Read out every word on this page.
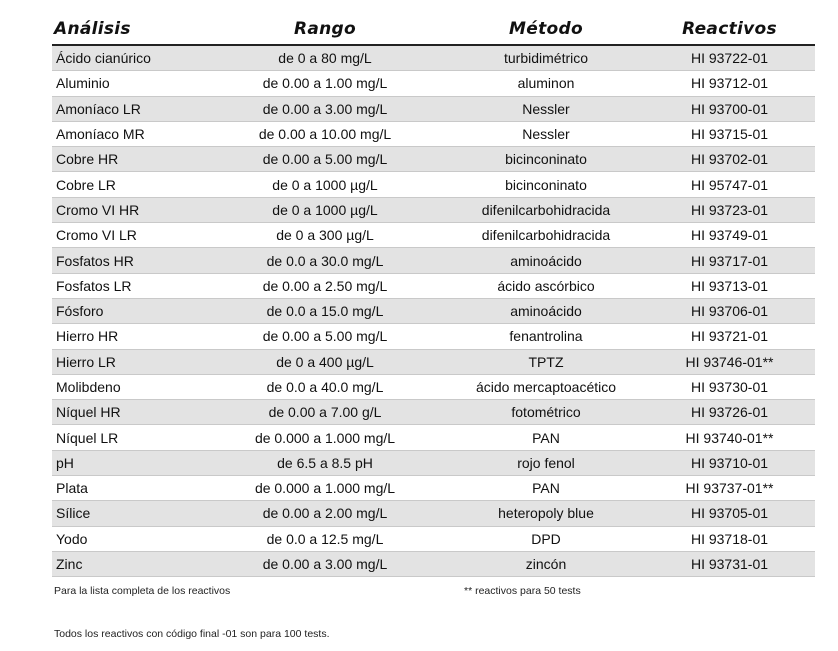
Análisis	Rango	Método	Reactivos
Ácido cianúrico	de 0 a 80 mg/L	turbidimétrico	HI 93722-01
Aluminio	de 0.00 a 1.00 mg/L	aluminon	HI 93712-01
Amoníaco LR	de 0.00 a 3.00 mg/L	Nessler	HI 93700-01
Amoníaco MR	de 0.00 a 10.00 mg/L	Nessler	HI 93715-01
Cobre HR	de 0.00 a 5.00 mg/L	bicinconinato	HI 93702-01
Cobre LR	de 0 a 1000 µg/L	bicinconinato	HI 95747-01
Cromo VI HR	de 0 a 1000 µg/L	difenilcarbohidracida	HI 93723-01
Cromo VI LR	de 0 a 300 µg/L	difenilcarbohidracida	HI 93749-01
Fosfatos HR	de 0.0 a 30.0 mg/L	aminoácido	HI 93717-01
Fosfatos LR	de 0.00 a 2.50 mg/L	ácido ascórbico	HI 93713-01
Fósforo	de 0.0 a 15.0 mg/L	aminoácido	HI 93706-01
Hierro HR	de 0.00 a 5.00 mg/L	fenantrolina	HI 93721-01
Hierro LR	de 0 a 400 µg/L	TPTZ	HI 93746-01**
Molibdeno	de 0.0 a 40.0 mg/L	ácido mercaptoacético	HI 93730-01
Níquel HR	de 0.00 a 7.00 g/L	fotométrico	HI 93726-01
Níquel LR	de 0.000 a 1.000 mg/L	PAN	HI 93740-01**
pH	de 6.5 a 8.5 pH	rojo fenol	HI 93710-01
Plata	de 0.000 a 1.000 mg/L	PAN	HI 93737-01**
Sílice	de 0.00 a 2.00 mg/L	heteropoly blue	HI 93705-01
Yodo	de 0.0 a 12.5 mg/L	DPD	HI 93718-01
Zinc	de 0.00 a 3.00 mg/L	zincón	HI 93731-01
Para la lista completa de los reactivos	** reactivos para 50 tests
Todos los reactivos con código final -01 son para 100 tests.
